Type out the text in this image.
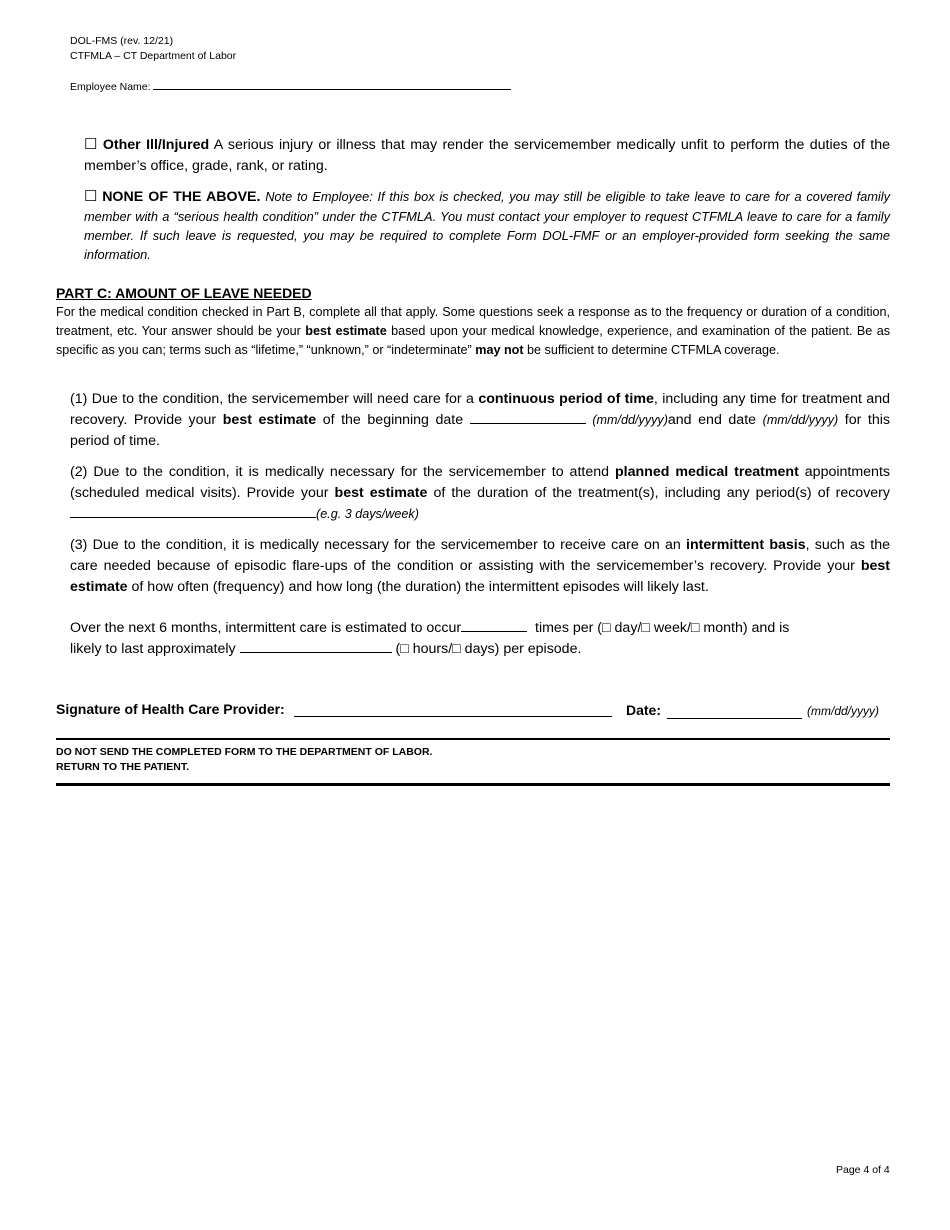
DOL-FMS (rev. 12/21)
CTFMLA – CT Department of Labor
Employee Name:
☐ Other Ill/Injured A serious injury or illness that may render the servicemember medically unfit to perform the duties of the member’s office, grade, rank, or rating.
☐ NONE OF THE ABOVE. Note to Employee: If this box is checked, you may still be eligible to take leave to care for a covered family member with a “serious health condition” under the CTFMLA. You must contact your employer to request CTFMLA leave to care for a family member. If such leave is requested, you may be required to complete Form DOL-FMF or an employer-provided form seeking the same information.
PART C: AMOUNT OF LEAVE NEEDED
For the medical condition checked in Part B, complete all that apply. Some questions seek a response as to the frequency or duration of a condition, treatment, etc. Your answer should be your best estimate based upon your medical knowledge, experience, and examination of the patient. Be as specific as you can; terms such as “lifetime,” “unknown,” or “indeterminate” may not be sufficient to determine CTFMLA coverage.
(1) Due to the condition, the servicemember will need care for a continuous period of time, including any time for treatment and recovery. Provide your best estimate of the beginning date	(mm/dd/yyyy)and end date (mm/dd/yyyy) for this period of time.
(2) Due to the condition, it is medically necessary for the servicemember to attend planned medical treatment appointments (scheduled medical visits). Provide your best estimate of the duration of the treatment(s), including any period(s) of recovery (e.g. 3 days/week)
(3) Due to the condition, it is medically necessary for the servicemember to receive care on an intermittent basis, such as the care needed because of episodic flare-ups of the condition or assisting with the servicemember’s recovery. Provide your best estimate of how often (frequency) and how long (the duration) the intermittent episodes will likely last.
Over the next 6 months, intermittent care is estimated to occur	times per (□ day/□ week/□ month) and is
likely to last approximately	(□ hours/□ days) per episode.
Signature of Health Care Provider:	Date:	(mm/dd/yyyy)
DO NOT SEND THE COMPLETED FORM TO THE DEPARTMENT OF LABOR.
RETURN TO THE PATIENT.
Page 4 of 4
